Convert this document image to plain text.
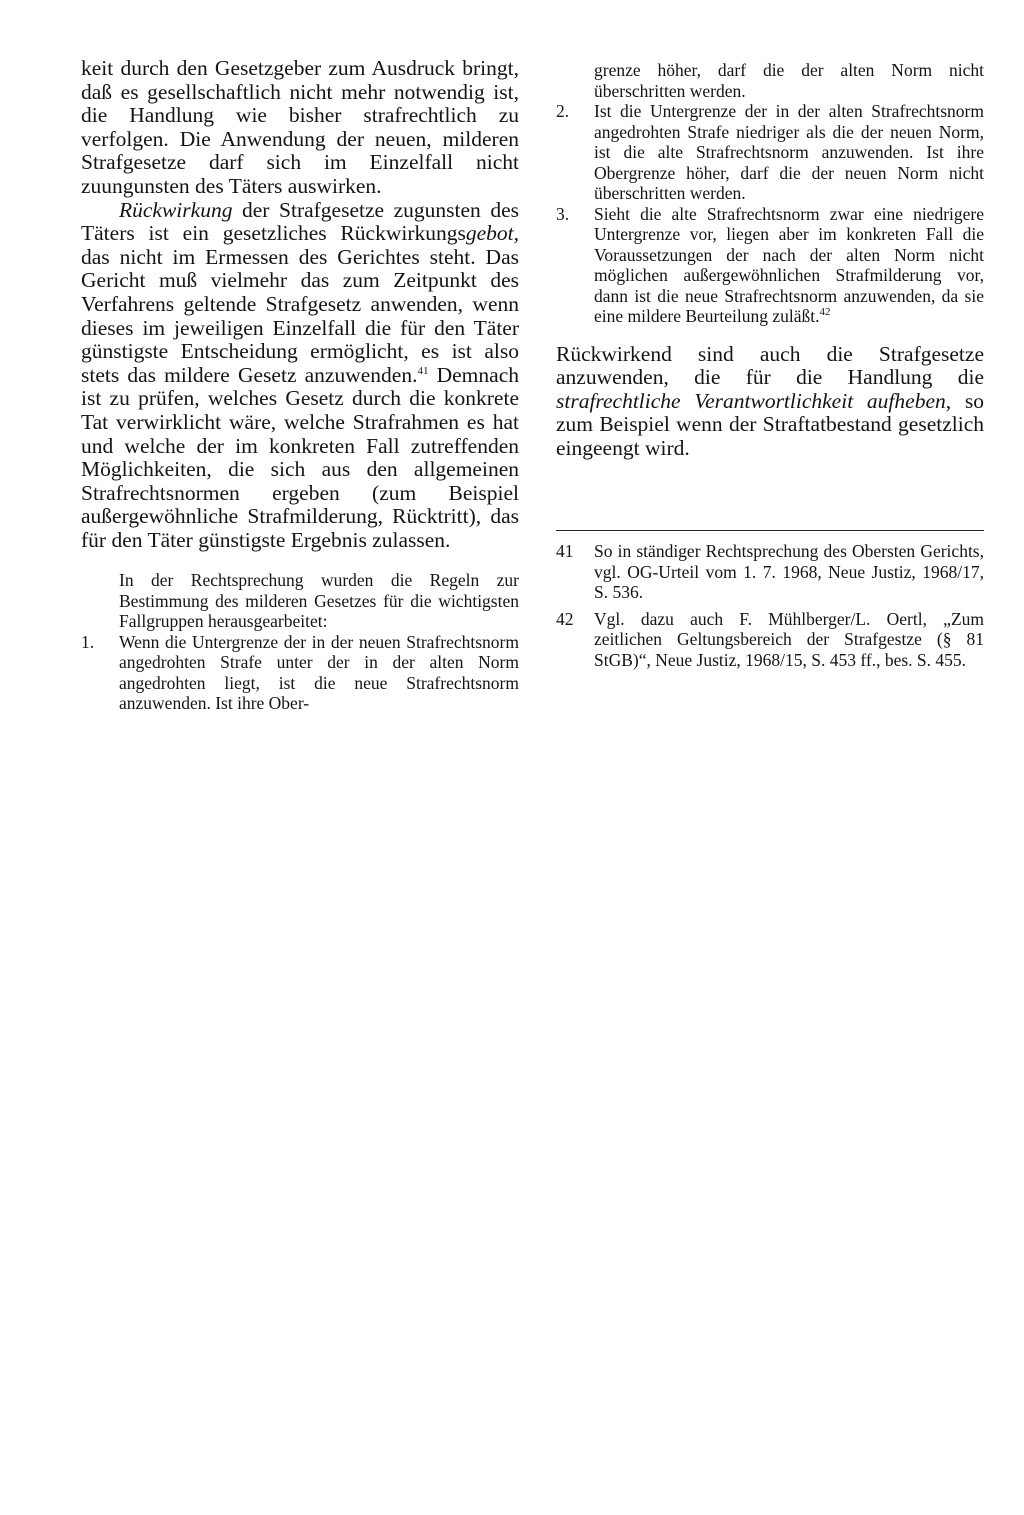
keit durch den Gesetzgeber zum Ausdruck bringt, daß es gesellschaftlich nicht mehr notwendig ist, die Handlung wie bisher strafrechtlich zu verfolgen. Die Anwendung der neuen, milderen Strafgesetze darf sich im Einzelfall nicht zuungunsten des Täters auswirken.

Rückwirkung der Strafgesetze zugunsten des Täters ist ein gesetzliches Rückwirkungsgebot, das nicht im Ermessen des Gerichtes steht. Das Gericht muß vielmehr das zum Zeitpunkt des Verfahrens geltende Strafgesetz anwenden, wenn dieses im jeweiligen Einzelfall die für den Täter günstigste Entscheidung ermöglicht, es ist also stets das mildere Gesetz anzuwenden.$^{41}$ Demnach ist zu prüfen, welches Gesetz durch die konkrete Tat verwirklicht wäre, welche Strafrahmen es hat und welche der im konkreten Fall zutreffenden Möglichkeiten, die sich aus den allgemeinen Strafrechtsnormen ergeben (zum Beispiel außergewöhnliche Strafmilderung, Rücktritt), das für den Täter günstigste Ergebnis zulassen.

In der Rechtsprechung wurden die Regeln zur Bestimmung des milderen Gesetzes für die wichtigsten Fallgruppen herausgearbeitet:

1.	Wenn die Untergrenze der in der neuen Strafrechtsnorm angedrohten Strafe unter der in der alten Norm angedrohten liegt, ist die neue Strafrechtsnorm anzuwenden. Ist ihre Ober-
grenze höher, darf die der alten Norm nicht überschritten werden.
2.	Ist die Untergrenze der in der alten Strafrechtsnorm angedrohten Strafe niedriger als die der neuen Norm, ist die alte Strafrechtsnorm anzuwenden. Ist ihre Obergrenze höher, darf die der neuen Norm nicht überschritten werden.
3.	Sieht die alte Strafrechtsnorm zwar eine niedrigere Untergrenze vor, liegen aber im konkreten Fall die Voraussetzungen der nach der alten Norm nicht möglichen außergewöhnlichen Strafmilderung vor, dann ist die neue Strafrechtsnorm anzuwenden, da sie eine mildere Beurteilung zuläßt.$^{42}$

Rückwirkend sind auch die Strafgesetze anzuwenden, die für die Handlung die strafrechtliche Verantwortlichkeit aufheben, so zum Beispiel wenn der Straftatbestand gesetzlich eingeengt wird.

41	So in ständiger Rechtsprechung des Obersten Gerichts, vgl. OG-Urteil vom 1. 7. 1968, Neue Justiz, 1968/17, S. 536.
42	Vgl. dazu auch F. Mühlberger/L. Oertl, „Zum zeitlichen Geltungsbereich der Strafgestze (§ 81 StGB)“, Neue Justiz, 1968/15, S. 453 ff., bes. S. 455.
